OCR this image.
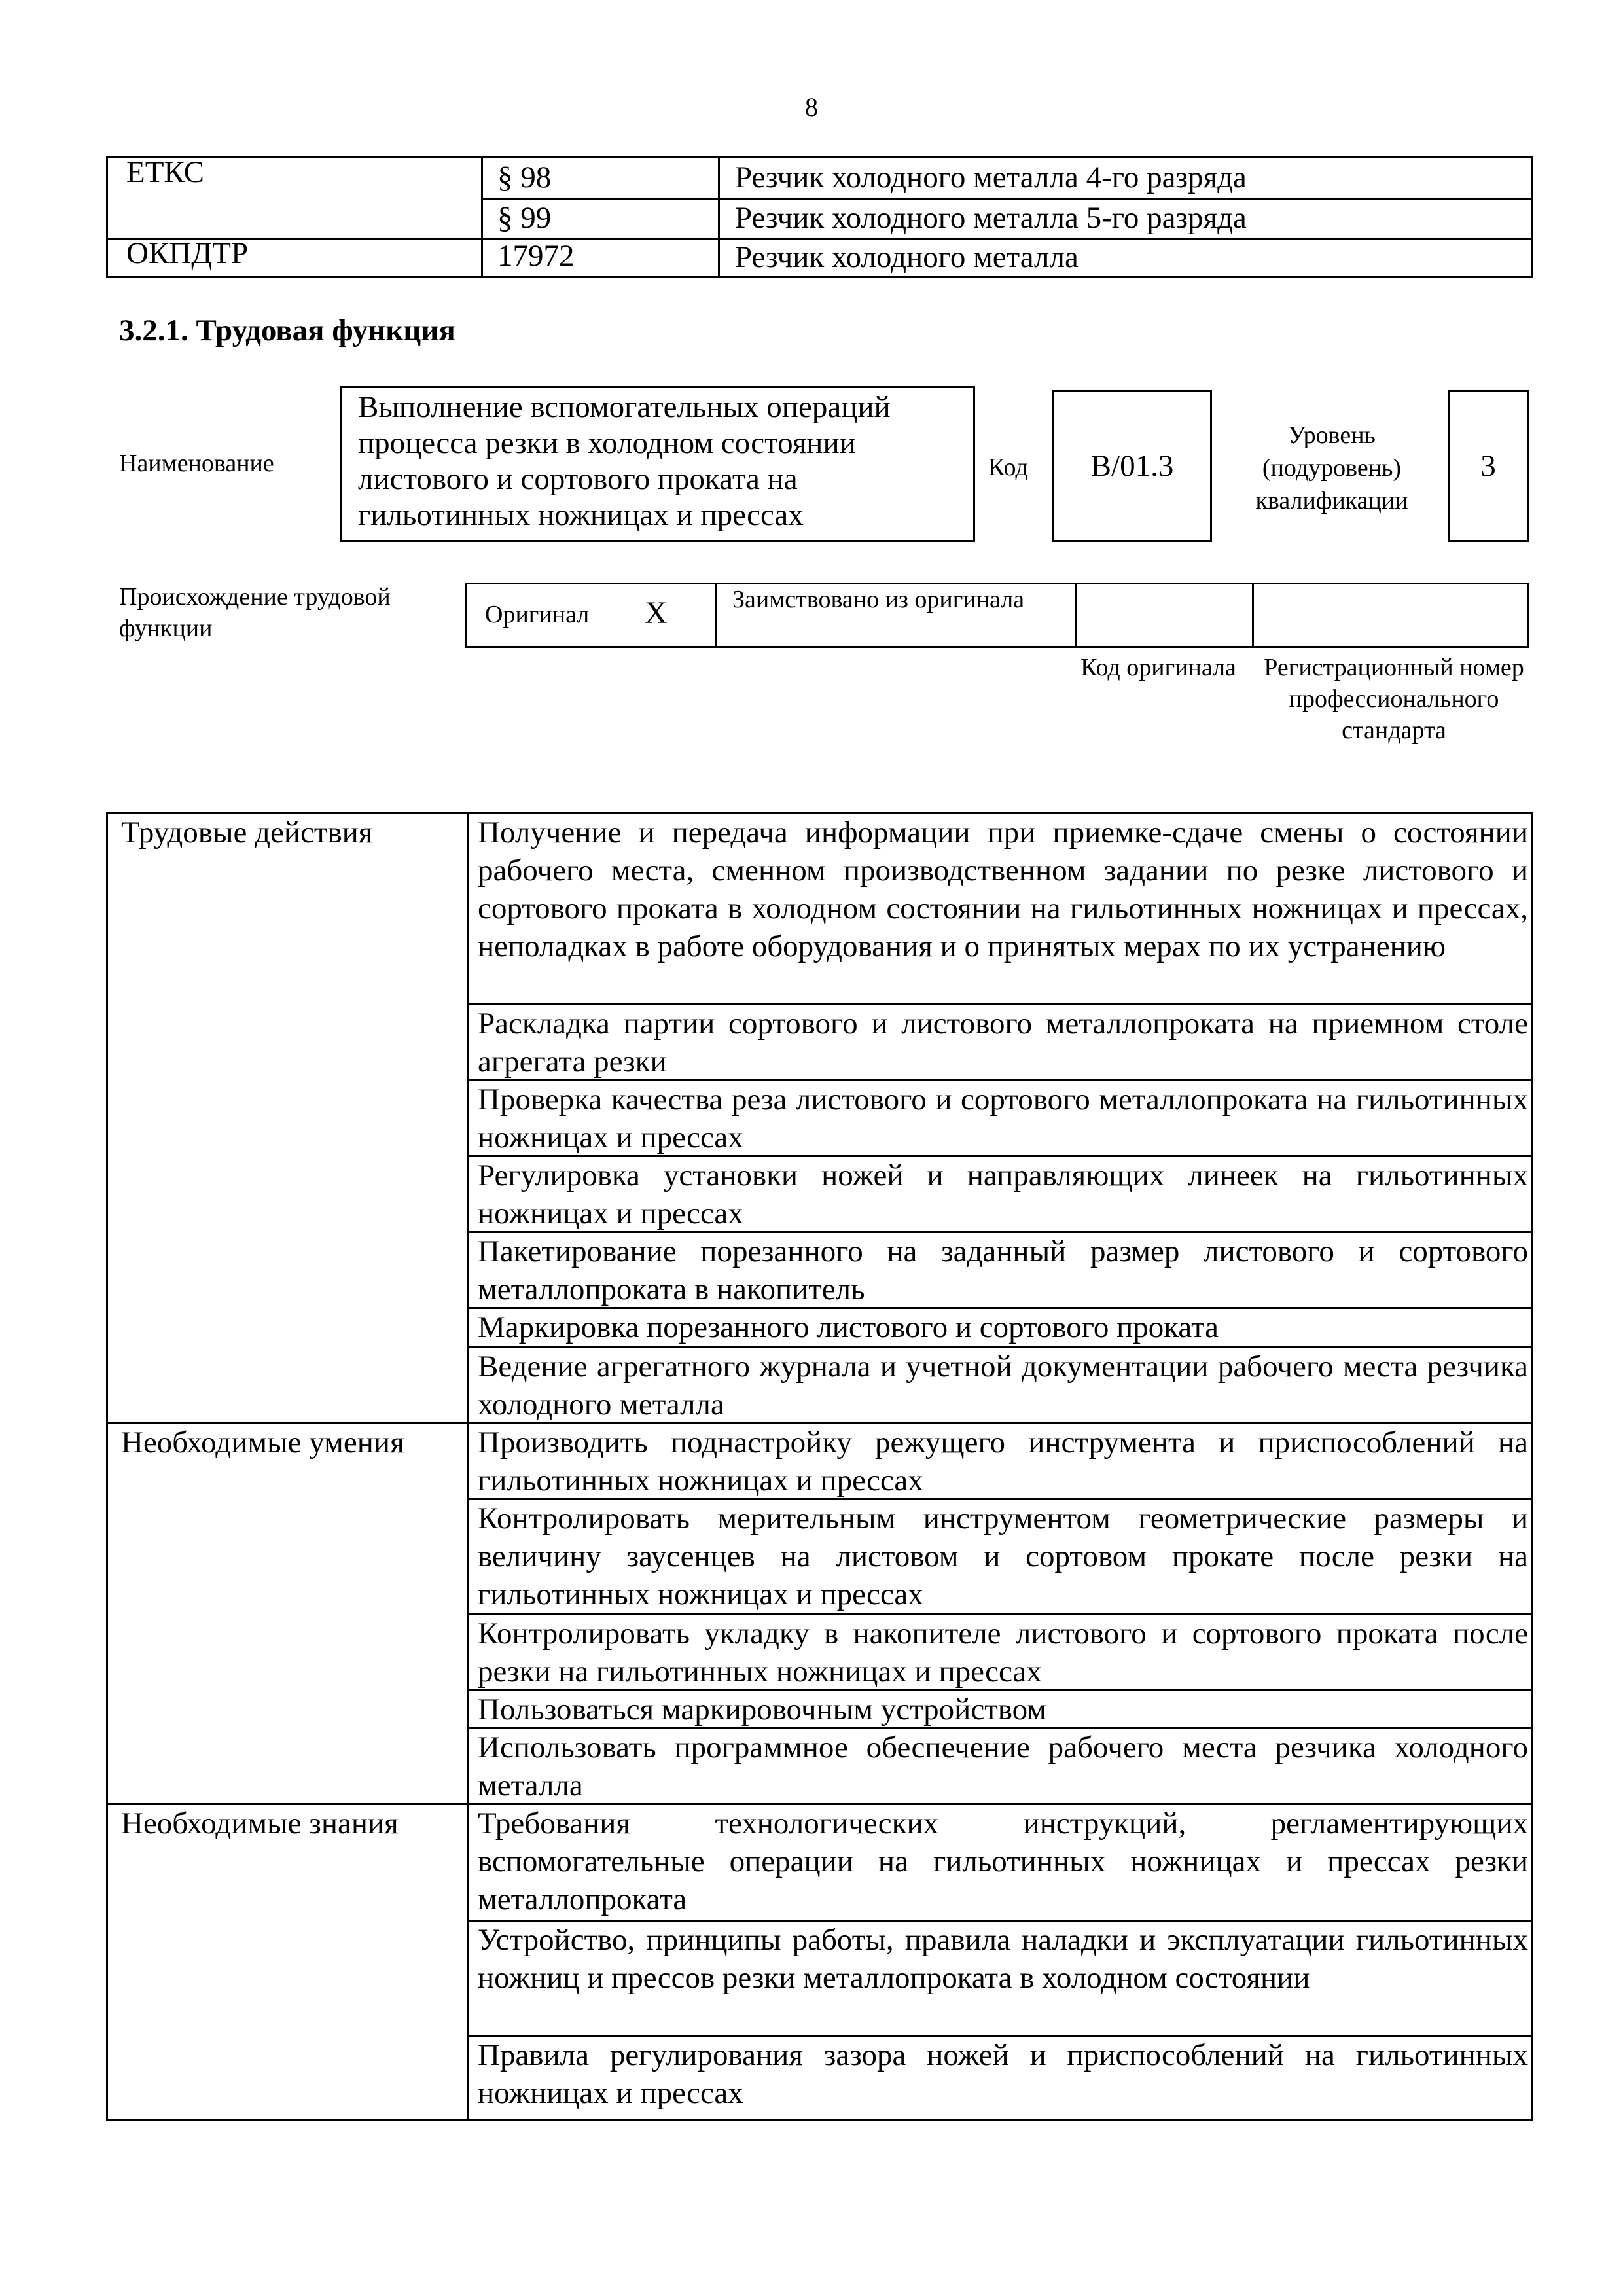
8
ЕТКС	§ 98	Резчик холодного металла 4-го разряда
§ 99	Резчик холодного металла 5-го разряда
ОКПДТР	17972	Резчик холодного металла
3.2.1. Трудовая функция
Наименование
Выполнение вспомогательных операций процесса резки в холодном состоянии листового и сортового проката на гильотинных ножницах и прессах
Код	B/01.3
Уровень (подуровень) квалификации
3
Происхождение трудовой функции	Оригинал X	Заимствовано из оригинала
Код оригинала Регистрационный номер профессионального стандарта
Трудовые действия	Получение и передача информации при приемке-сдаче смены о состоянии рабочего места, сменном производственном задании по резке листового и сортового проката в холодном состоянии на гильотинных ножницах и прессах, неполадках в работе оборудования и о принятых мерах по их устранению
Раскладка партии сортового и листового металлопроката на приемном столе агрегата резки
Проверка качества реза листового и сортового металлопроката на гильотинных ножницах и прессах
Регулировка установки ножей и направляющих линеек на гильотинных ножницах и прессах
Пакетирование порезанного на заданный размер листового и сортового металлопроката в накопитель
Маркировка порезанного листового и сортового проката
Ведение агрегатного журнала и учетной документации рабочего места резчика холодного металла
Необходимые умения Производить поднастройку режущего инструмента и приспособлений на гильотинных ножницах и прессах
Контролировать мерительным инструментом геометрические размеры и величину заусенцев на листовом и сортовом прокате после резки на гильотинных ножницах и прессах
Контролировать укладку в накопителе листового и сортового проката после резки на гильотинных ножницах и прессах
Пользоваться маркировочным устройством
Использовать программное обеспечение рабочего места резчика холодного металла
Необходимые знания	Требования технологических инструкций, регламентирующих вспомогательные операции на гильотинных ножницах и прессах резки металлопроката
Устройство, принципы работы, правила наладки и эксплуатации гильотинных ножниц и прессов резки металлопроката в холодном состоянии
Правила регулирования зазора ножей и приспособлений на гильотинных ножницах и прессах
